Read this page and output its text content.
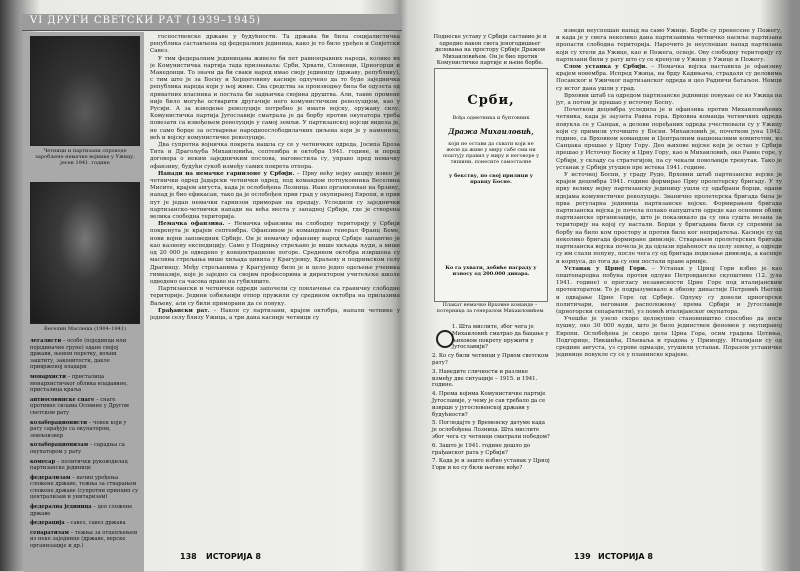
VI ДРУГИ СВЕТСКИ РАТ (1939–1945)
Четници и партизани спроводе заробљене немачке војнике у Ужицу, јесен 1941. године
Веселин Маслеша (1904–1941)

легалисти – особе (појединци или појединачне групе) одане својој држави, њеном поретку, вољни заштиту, законитости, дакле приврженој владари

монархисти – присталица монархистичког облика владавине, присталица краља

антиосовинске снаге – снаге противне силама Осовине у Другом светском рату

колаборационисти – човек који у рату сарађује са окупатором, земљоизвер

колаборационизам – сарадња са окупатором у рату

комесар – политички руководилац партизанске јединице

федерализам – начин уређења сложене државе, тежња за стварањем сложене државе (супротни принцип су централизам и унитаризам)

федерална јединица – део сложене државе

федерација – савез, савез држава

сепаратизам – тежња за отцепљењем из неке заједнице (државе, верске организације и др.)

госпоственске државе у будућности. Та држава би била социјалистичка република састављена од федералних јединица, како је то било уређен и Совјетски Савез.

У тим федералним јединицама живело би пет равноправних народа, колико их је Комунистичка партија тада признавала: Срби, Хрвати, Словенци, Црногорци и Македонци. То значи да би сваки народ имао своју јединицу (државу, републику), с тим што је за Босну и Херцеговину касније одлучено да то буде заједничка република народа који у њој живе. Сва средства за производњу била би одузета од приватних власника и постала би задњичка својина друштва. Али, такве промене није било могуће остварити другачије него комунистичком револуцијом, као у Русији. А за изводење револуције потребно је имати војску, оружану силу. Комунистичка партија Југославије сматрала је да борбу против окупатора треба повезати са извођењем револуције у самој земљи. У партизанској војсци видела је, не само борце за остварење народноослободилачких циљева који је у наменила, већ и војску комунистичке револуције.

Два супротна војничка покрета нашла су се у четничких одреда, Јосипа Броза Тита и Драгољуба Михаиловића, септембра и октобра 1941. године, и поред договора о неким заједничким послова, наговестила су, управо пред немачку офанзиву, будући сукоб између самих покрета отпора.

Напади на немачке гарнизоне у Србији. – Прву већу војну акцију извео је четнички одред Јадарски четнички одред, под командом потпуковника Веселина Мисите, крајем августа, када је ослобођена Лозница. Иако организован на брзину, напад је био ефикасан, тако да је ослобођен први град у окупираној Европи, и први пут је један немачки гарнизон приморан на предају. Уследили су заједнички партизанско-четнички напади на већа места у западној Србији, где је створена велика слободна територија.

Немачка офанзива. – Немачка офанзива на слободну територију у Србији покренута је крајем септембра. Офанзивом је командовао генерал Франц Беме, нови војни заповедник Србије. Он је немачку офанзиву народ Србије запамтио је као казнену експедицију. Само у Подрињу стрељано је више хиљада људи, а више од 20 000 је одведено у концентрационе логоре. Средином октобра извршена су масовна стрељања више хиљада цивила у Крагујевцу, Краљеву и подрињском селу Драгинцу. Међу стрељанима у Крагујевцу било је и цело једно одељење ученика гимназије, које је заједно са својим професорима и директором учитељске школе одведено са часова право на губилиште.

Партизански и четнички одреди започели су повлачење са граничну слободне територије. Једини озбиљнији отпор пружили су средином октобра на прилазима Ваљеву, али су били приморани да се повуку.

Грађански рат. – Након су партизани, крајем октобра, напали четнике у једном селу близу Ужица, а три дана касније четници су

138 ИСТОРИЈА 8
Поднеске уставу у Србији саставио је и одредио након свега јеногодишњег деловања на простору Србије Дражом Михаиловићем. Он је био против Комунистичке партије и њене борбе.
Срби,
Вођа одметника и бунтовник
Дража Михаиловић,
који не остави да схвати који не желе да живе у миру сабе сми ни поштују правил у миру и неговоре у тишини, понесите самосталне
у бекству, по свој прилици у правцу Босне.
Ко га ухвати, добиће награду у износу од 200.000 динара.
Плакат немачке Врховне команде – потерница за генералом Михаиловићем

1. Шта мислите, због чега је Михаиловић сматрао да бацање у њиховом покрету пружити у Југославији?

2. Ко су били четници у Првом светском рату?

3. Наведите сличности и разлике између две ситуације – 1915. и 1941. године.

4. Према којима Комунистичке партије Југославије, у чему је сав требало да се изврше у југословенској држави у будућности?

5. Погледајте у Временску датуме када је ослобођена Лозница. Шта мислите због чега су четници сматрали победом?

6. Зашто је 1941. године дошло до грађанског рата у Србији?

7. Када је и зашто избио устанак у Црној Гори и ко су били његове вође?

изведи неуспешан напад на само Ужице. Борбе су пренесене у Пожегу, и када је у свега неколико дана партизанима четничко насиље партизана пропасти слободна територија. Нарочито је неуспешан напад партизана који су хтели да Ужице, као и Пожега, освоје. Ову слободну територију су партизани били у рату што су се кренули у Ужице у Ужице и Пожегу.

Слом устанка у Србији. – Немачка војска наставила је офанзиву крајем новембра. Испред Ужица, на брду Кадињача, страдали су деловима Посавског и Ужичког партизанског одреда и цео Радничи батаљон. Немци су истог дана ушли у град.

Врховни штаб са одредом партизанске јединице повукао се из Ужица на југ, а потом је прешао у источну Босну.

Почетком децембра уследила је и офанзива против Михаиловићевих четника, када је заузета Равна гора. Врховна команда четничких одреда повукла се у Санџак, а делови поређаних одреда учествовали су у Ужицу који су примили уточиште у Босни. Михаиловић је, почетком јуна 1942. године, са Врховном командом и Централним националним комитетом, из Санџака прешао у Црну Гору. Део њихове војске који је остао у Србији прешао у Источну Босну и Црну Гору, као и Михаиловић, око Равне горе, у Србији, у складу са стратегијом, па су чекали повољнији тренутак. Тако је устанак у Србији угушен пре истека 1941. године.

У источној Босни, у граду Рудо, Врховни штаб партизанске војске је крајем децембра 1941. године формирао Прву пролетерску бригаду. У ту прву велику војну партизанску јединицу ушли су одабрани борци, одани идејама комунистичке револуције. Званично пролетерска бригада била је прва регуларна јединица партизанске војске. Формирањем бригада партизанска војска је почела полако напуштати одреде као основни облик партизанске организације, што је показивало да су она сушта везана за територију на којој су настали. Борци у бригадама били су спремни за борбу на било ком простору и против било ког непријатеља. Касније су од неколико бригада формиране дивизије. Стварањем пролетерских бригада партизанска војска почела је да одлази праћеност на целу земљу, а одреди су им слали попуну, после чега су од бригада подизање дивизија, а касније и корпуса, до тога да су они постали праве армије.

Устанак у Црној Гори. – Устанак у Црној Гори избио је као општенародна побуна против одлуке Петровданске скупштине (12. јула 1941. године) о прогласу независности Црне Горе под италијанским протекторатом. То је подразумевало и обнову династије Петровић Његош и одвајање Црне Горе од Србије. Одлуку су донели црногорски политичари, неговани расположењу према Србији и Југославији (црногорски сепаратисти), уз помоћ италијанског окупатора.

Учешће је узело скоро целокупно становништво способно да носи пушку, око 30 000 људи, што је било јединствен феномен у окупираној Европи. Ослобођена је скоро цела Црна Гора, осим градова Цетиња, Подгорице, Никшића, Пљеваља и градова у Приморју. Италијани су од средине августа, уз сурове одмазде, угушили устанак. Поразом устаничке јединице повукле су се у планинске крајеве.

139 ИСТОРИЈА 8
